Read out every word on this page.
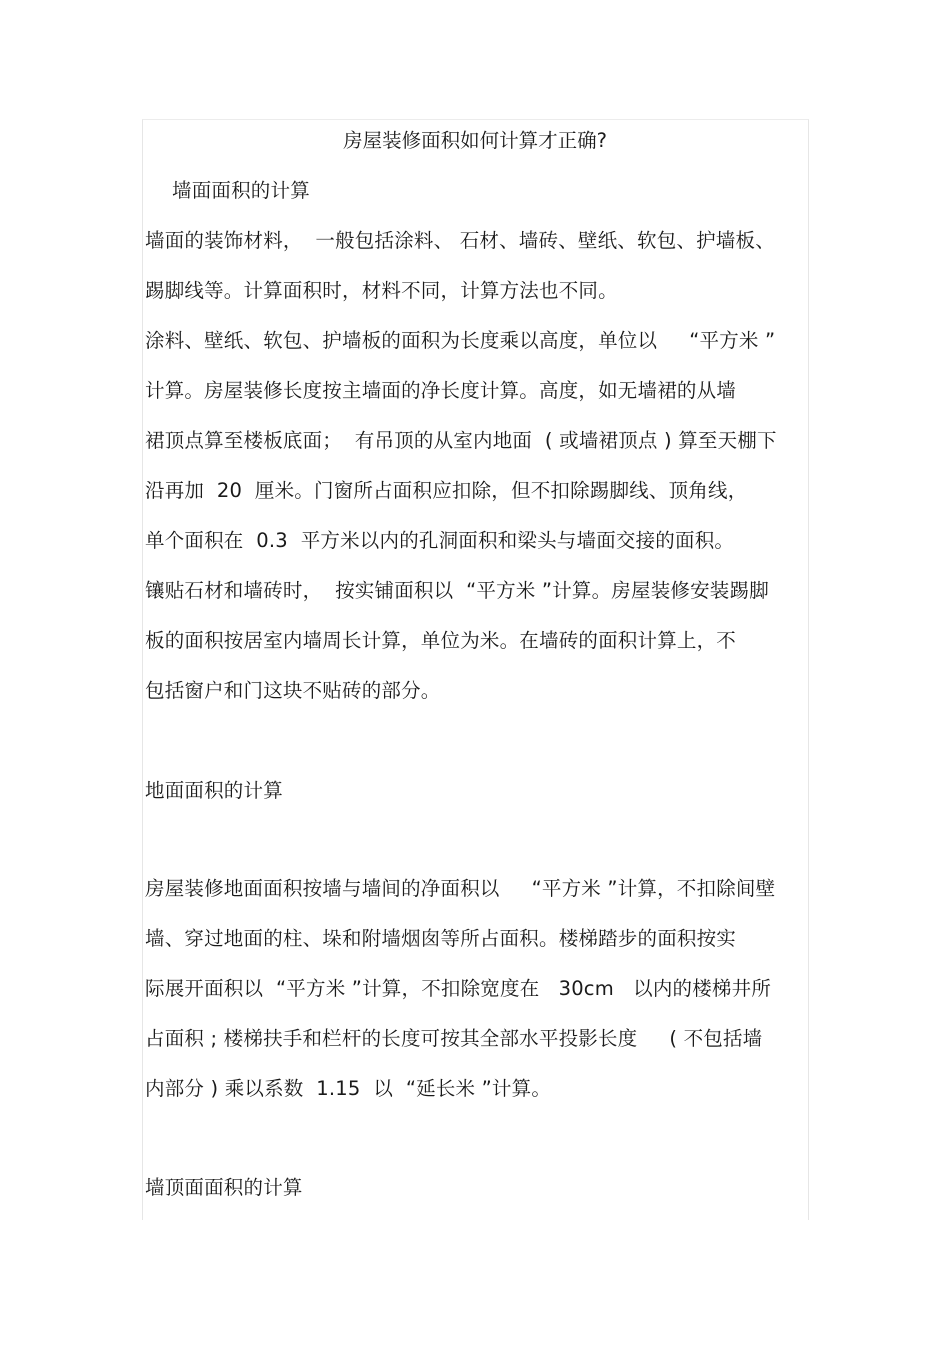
房屋装修面积如何计算才正确?
墙面面积的计算
墙面的装饰材料，  一般包括涂料、 石材、墙砖、壁纸、软包、护墙板、
踢脚线等。计算面积时，材料不同，计算方法也不同。
涂料、壁纸、软包、护墙板的面积为长度乘以高度，单位以     “平方米 ”
计算。房屋装修长度按主墙面的净长度计算。高度，如无墙裙的从墙
裙顶点算至楼板底面；  有吊顶的从室内地面  ( 或墙裙顶点 ) 算至天棚下
沿再加  20  厘米。门窗所占面积应扣除，但不扣除踢脚线、顶角线，
单个面积在  0.3  平方米以内的孔洞面积和梁头与墙面交接的面积。
镶贴石材和墙砖时，  按实铺面积以  “平方米 ”计算。房屋装修安装踢脚
板的面积按居室内墙周长计算，单位为米。在墙砖的面积计算上，不
包括窗户和门这块不贴砖的部分。
地面面积的计算
房屋装修地面面积按墙与墙间的净面积以     “平方米 ”计算，不扣除间壁
墙、穿过地面的柱、垛和附墙烟囱等所占面积。楼梯踏步的面积按实
际展开面积以  “平方米 ”计算，不扣除宽度在   30cm   以内的楼梯井所
占面积 ; 楼梯扶手和栏杆的长度可按其全部水平投影长度     ( 不包括墙
内部分 ) 乘以系数  1.15  以  “延长米 ”计算。
墙顶面面积的计算
